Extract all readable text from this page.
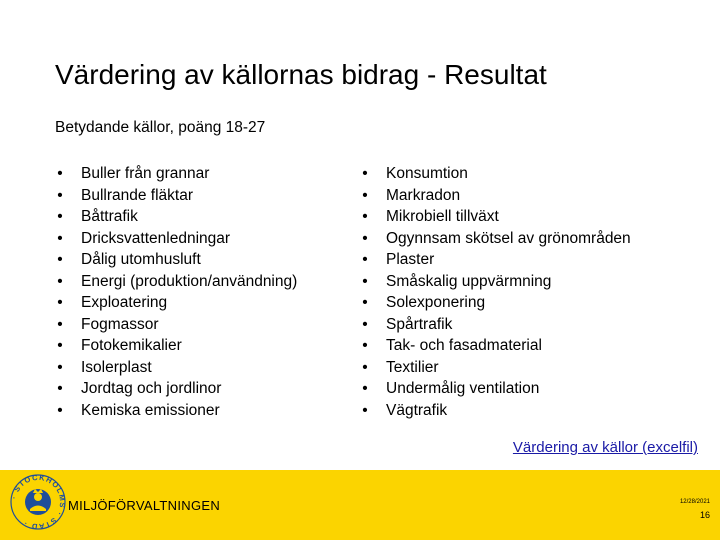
Värdering av källornas bidrag - Resultat
Betydande källor, poäng 18-27
• Buller från grannar
• Bullrande fläktar
• Båttrafik
• Dricksvattenledningar
• Dålig utomhusluft
• Energi (produktion/användning)
• Exploatering
• Fogmassor
• Fotokemikalier
• Isolerplast
• Jordtag och jordlinor
• Kemiska emissioner
• Konsumtion
• Markradon
• Mikrobiell tillväxt
• Ogynnsam skötsel av grönområden
• Plaster
• Småskalig uppvärmning
• Solexponering
• Spårtrafik
• Tak- och fasadmaterial
• Textilier
• Undermålig ventilation
• Vägtrafik
Värdering av källor (excelfil)
· STOCKHOLMS · STAD ·
MILJÖFÖRVALTNINGEN	12/28/2021
16
